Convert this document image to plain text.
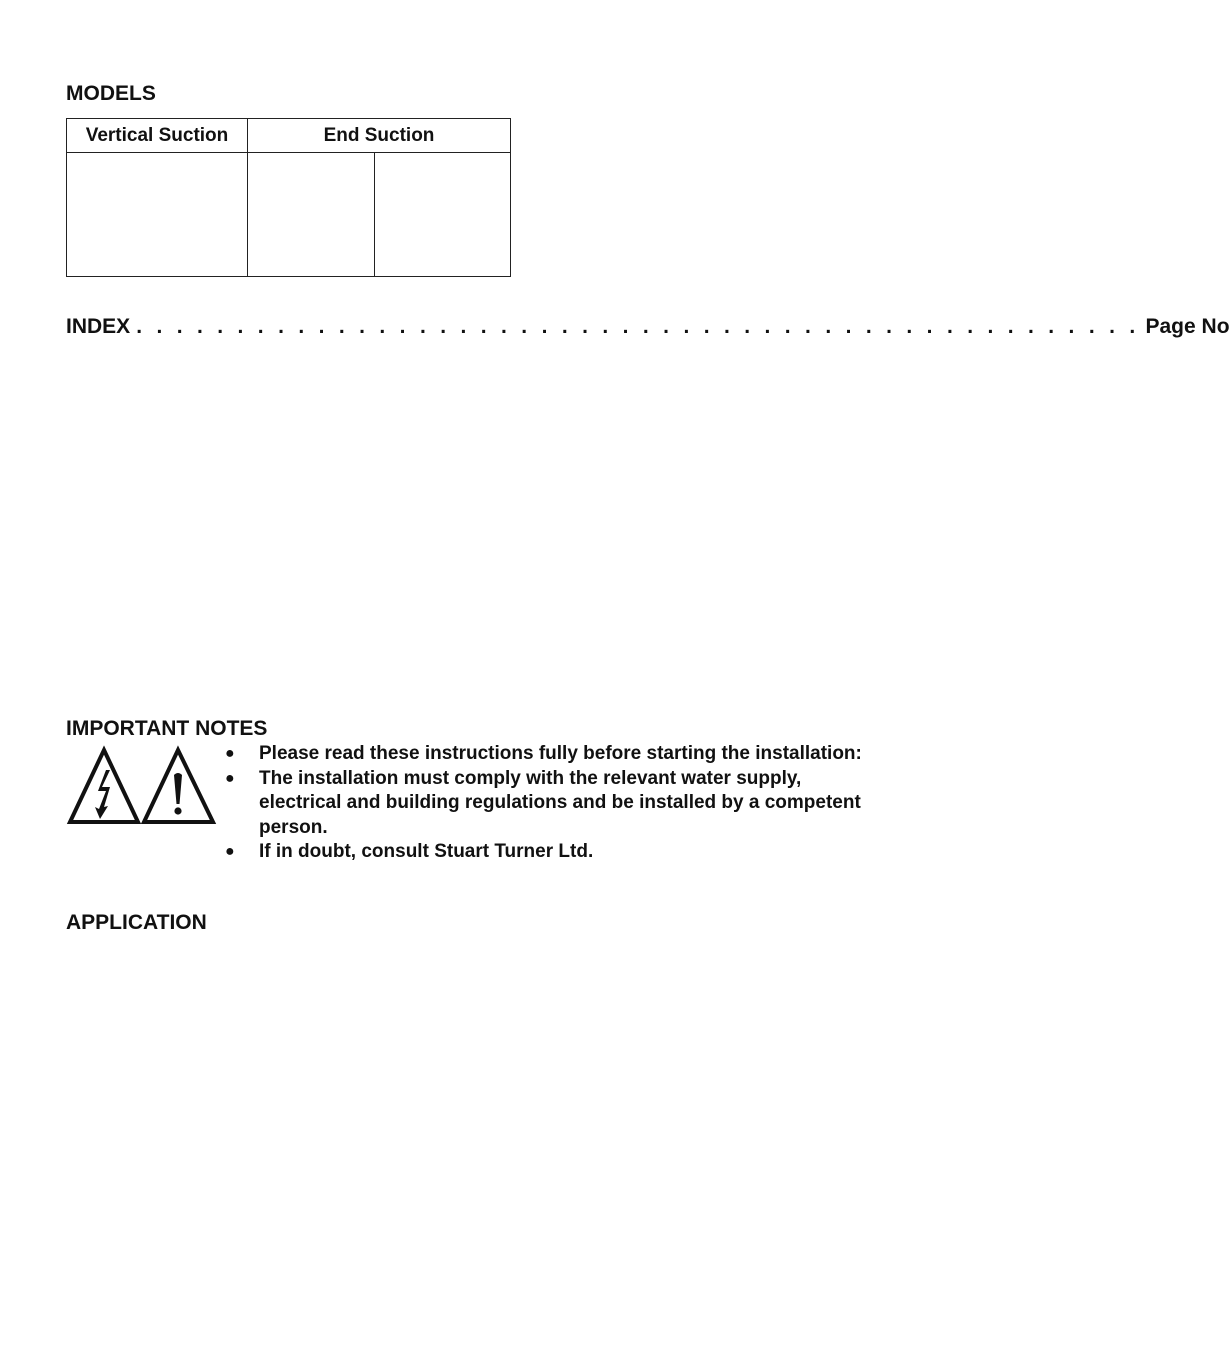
MODELS
Vertical Suction	End Suction	

INDEX . . . . . . . . . . . . . . . . . . . . . . . . . . . . . . . . . . . . . . . . . . . . . . . . . . Page No
IMPORTANT NOTES
● Please read these instructions fully before starting the installation:
● The installation must comply with the relevant water supply, electrical and building regulations and be installed by a competent person.
● If in doubt, consult Stuart Turner Ltd.
APPLICATION
